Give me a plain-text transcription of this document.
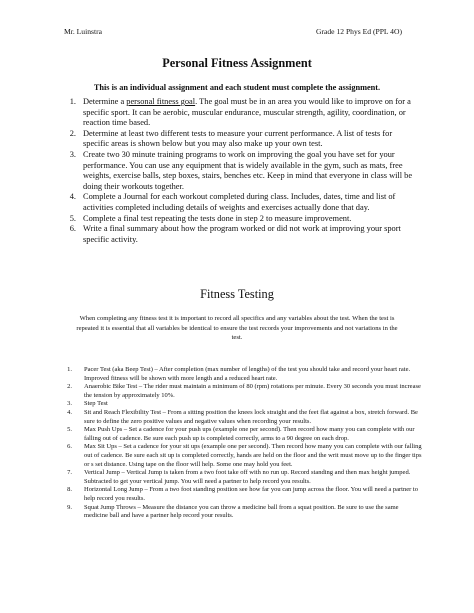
Mr. Luinstra	Grade 12 Phys Ed (PPL 4O)
Personal Fitness Assignment
This is an individual assignment and each student must complete the assignment.
1. Determine a personal fitness goal. The goal must be in an area you would like to improve on for a specific sport. It can be aerobic, muscular endurance, muscular strength, agility, coordination, or reaction time based.
2. Determine at least two different tests to measure your current performance. A list of tests for specific areas is shown below but you may also make up your own test.
3. Create two 30 minute training programs to work on improving the goal you have set for your performance. You can use any equipment that is widely available in the gym, such as mats, free weights, exercise balls, step boxes, stairs, benches etc. Keep in mind that everyone in class will be doing their workouts together.
4. Complete a Journal for each workout completed during class. Includes, dates, time and list of activities completed including details of weights and exercises actually done that day.
5. Complete a final test repeating the tests done in step 2 to measure improvement.
6. Write a final summary about how the program worked or did not work at improving your sport specific activity.
Fitness Testing
When completing any fitness test it is important to record all specifics and any variables about the test. When the test is repeated it is essential that all variables be identical to ensure the test records your improvements and not variations in the test.
1. Pacer Test (aka Beep Test) – After completion (max number of lengths) of the test you should take and record your heart rate. Improved fitness will be shown with more length and a reduced heart rate.
2. Anaerobic Bike Test – The rider must maintain a minimum of 80 (rpm) rotations per minute. Every 30 seconds you must increase the tension by approximately 10%.
3. Step Test
4. Sit and Reach Flexibility Test – From a sitting position the knees lock straight and the feet flat against a box, stretch forward. Be sure to define the zero positive values and negative values when recording your results.
5. Max Push Ups – Set a cadence for your push ups (example one per second). Then record how many you can complete with our falling out of cadence. Be sure each push up is completed correctly, arms to a 90 degree on each drop.
6. Max Sit Ups – Set a cadence for your sit ups (example one per second). Then record how many you can complete with our falling out of cadence. Be sure each sit up is completed correctly, hands are held on the floor and the writ must move up to the finger tips or s set distance. Using tape on the floor will help. Some one may hold you feet.
7. Vertical Jump – Vertical Jump is taken from a two foot take off with no run up. Record standing and then max height jumped. Subtracted to get your vertical jump. You will need a partner to help record you results.
8. Horizontal Long Jump – From a two foot standing position see how far you can jump across the floor. You will need a partner to help record you results.
9. Squat Jump Throws – Measure the distance you can throw a medicine ball from a squat position. Be sure to use the same medicine ball and have a partner help record your results.
